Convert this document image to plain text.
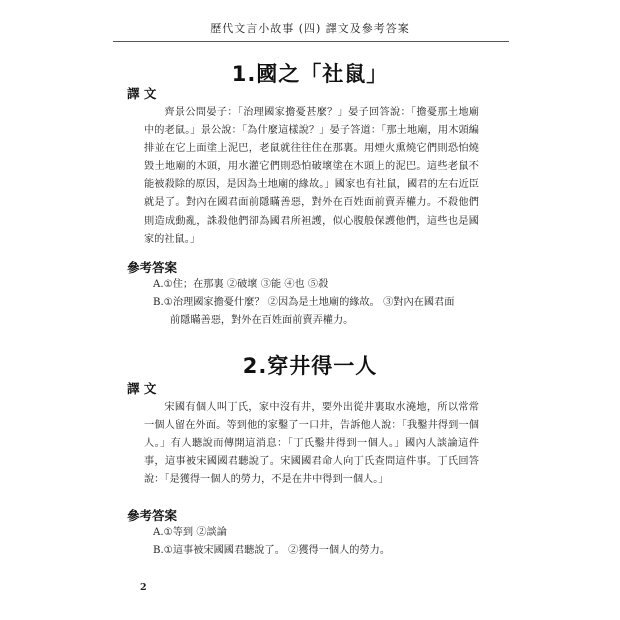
歷代文言小故事 (四) 譯文及參考答案
1.國之「社鼠」
譯 文

齊景公問晏子：「治理國家擔憂甚麼？」晏子回答說：「擔憂那土地廟中的老鼠。」景公說：「為什麼這樣說？」晏子答道：「那土地廟，用木頭編排並在它上面塗上泥巴，老鼠就往往住在那裏。用煙火熏燒它們則恐怕燒毀土地廟的木頭，用水灌它們則恐怕破壞塗在木頭上的泥巴。這些老鼠不能被殺除的原因，是因為土地廟的緣故。」國家也有社鼠，國君的左右近臣就是了。對內在國君面前隱瞞善惡，對外在百姓面前賣弄權力。不殺他們則造成動亂，誅殺他們卻為國君所袒護，似心腹般保護他們，這些也是國家的社鼠。」

參考答案
A.①住；在那裏 ②破壞 ③能 ④也 ⑤殺
B.①治理國家擔憂什麼？ ②因為是土地廟的緣故。 ③對內在國君面
前隱瞞善惡，對外在百姓面前賣弄權力。
2.穿井得一人
譯 文

宋國有個人叫丁氏，家中沒有井，要外出從井裏取水澆地，所以常常一個人留在外面。等到他的家鑿了一口井，告訴他人說：「我鑿井得到一個人。」有人聽說而傳開這消息：「丁氏鑿井得到一個人。」國內人談論這件事，這事被宋國國君聽說了。宋國國君命人向丁氏查問這件事。丁氏回答說：「是獲得一個人的勞力，不是在井中得到一個人。」

參考答案
A.①等到 ②談論
B.①這事被宋國國君聽說了。 ②獲得一個人的勞力。
2
